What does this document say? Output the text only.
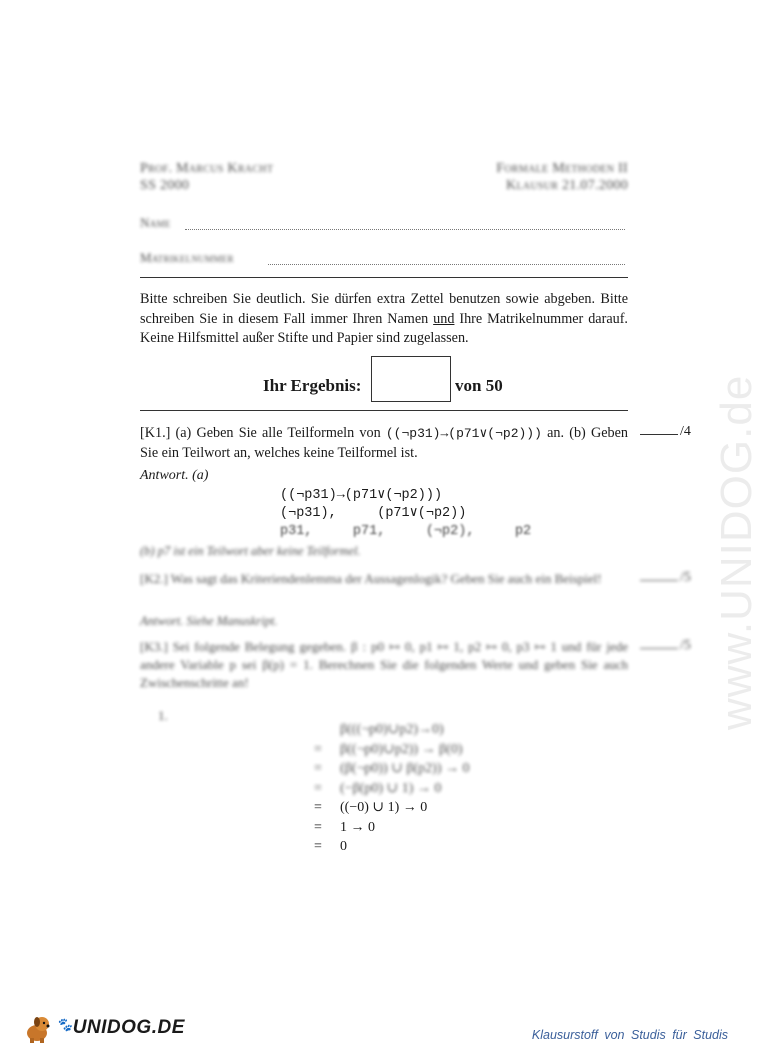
Prof. Marcus Kracht
SS 2000
Formale Methoden II
Klausur 21.07.2000
Name
Matrikelnummer
Bitte schreiben Sie deutlich. Sie dürfen extra Zettel benutzen sowie abgeben. Bitte schreiben Sie in diesem Fall immer Ihren Namen und Ihre Matrikelnummer darauf. Keine Hilfsmittel außer Stifte und Papier sind zugelassen.
Ihr Ergebnis:	von 50
[K1.] (a) Geben Sie alle Teilformeln von ((¬p31)→(p71∨(¬p2))) an. (b) Geben Sie ein Teilwort an, welches keine Teilformel ist.
/4
Antwort. (a)
((¬p31)→(p71∨(¬p2)))
(¬p31),     (p71∨(¬p2))
p31,     p71,     (¬p2),     p2
(b) p7 ist ein Teilwort aber keine Teilformel.
[K2.] Was sagt das Kriteriendenlemma der Aussagenlogik? Geben Sie auch ein Beispiel!	/5
Antwort. Siehe Manuskript.
[K3.] Sei folgende Belegung gegeben. β : p0 ↦ 0, p1 ↦ 1, p2 ↦ 0, p3 ↦ 1 und für jede andere Variable p sei β(p) = 1. Berechnen Sie die folgenden Werte und geben Sie auch Zwischenschritte an!
/5
1.
β(((¬p0)∪p2)→0)
= β((¬p0)∪p2)) → β(0)
= (β(¬p0)) ∪ β(p2)) → 0
= (−β(p0) ∪ 1) → 0
= ((−0) ∪ 1) → 0
= 1 → 0
= 0
www.UNIDOG.de
🐾UNIDOG.DE	Klausurstoff von Studis für Studis
